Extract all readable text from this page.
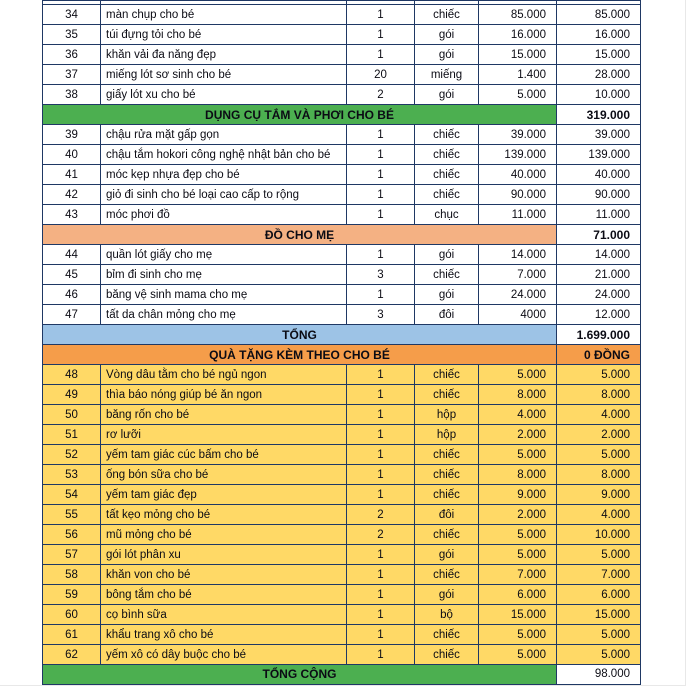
34	màn chụp cho bé	1	chiếc	85.000	85.000
35	túi đựng tỏi cho bé	1	gói	16.000	16.000
36	khăn vải đa năng đẹp	1	gói	15.000	15.000
37	miếng lót sơ sinh cho bé	20	miếng	1.400	28.000
38	giấy lót xu cho bé	2	gói	5.000	10.000
DỤNG CỤ TẮM VÀ PHƠI CHO BÉ					319.000
39	chậu rửa mặt gấp gọn	1	chiếc	39.000	39.000
40	chậu tắm hokori công nghệ nhật bản cho bé	1	chiếc	139.000	139.000
41	móc kẹp nhựa đẹp cho bé	1	chiếc	40.000	40.000
42	giỏ đi sinh cho bé loại cao cấp to rộng	1	chiếc	90.000	90.000
43	móc phơi đồ	1	chục	11.000	11.000
ĐỒ CHO MẸ					71.000
44	quần lót giấy cho mẹ	1	gói	14.000	14.000
45	bỉm đi sinh cho mẹ	3	chiếc	7.000	21.000
46	băng vệ sinh mama cho mẹ	1	gói	24.000	24.000
47	tất da chân mỏng cho mẹ	3	đôi	4000	12.000
TỔNG					1.699.000
QUÀ TẶNG KÈM THEO CHO BÉ					0 ĐỒNG
48	Vòng dâu tằm cho bé ngủ ngon	1	chiếc	5.000	5.000
49	thìa báo nóng giúp bé ăn ngon	1	chiếc	8.000	8.000
50	băng rốn cho bé	1	hộp	4.000	4.000
51	rơ lưỡi	1	hộp	2.000	2.000
52	yếm tam giác cúc bấm cho bé	1	chiếc	5.000	5.000
53	ống bón sữa cho bé	1	chiếc	8.000	8.000
54	yếm tam giác đẹp	1	chiếc	9.000	9.000
55	tất kẹo mỏng cho bé	2	đôi	2.000	4.000
56	mũ mỏng cho bé	2	chiếc	5.000	10.000
57	gói lót phân xu	1	gói	5.000	5.000
58	khăn von cho bé	1	chiếc	7.000	7.000
59	bông tắm cho bé	1	gói	6.000	6.000
60	cọ bình sữa	1	bộ	15.000	15.000
61	khẩu trang xô cho bé	1	chiếc	5.000	5.000
62	yếm xô có dây buộc cho bé	1	chiếc	5.000	5.000
TỔNG CỘNG					98.000
